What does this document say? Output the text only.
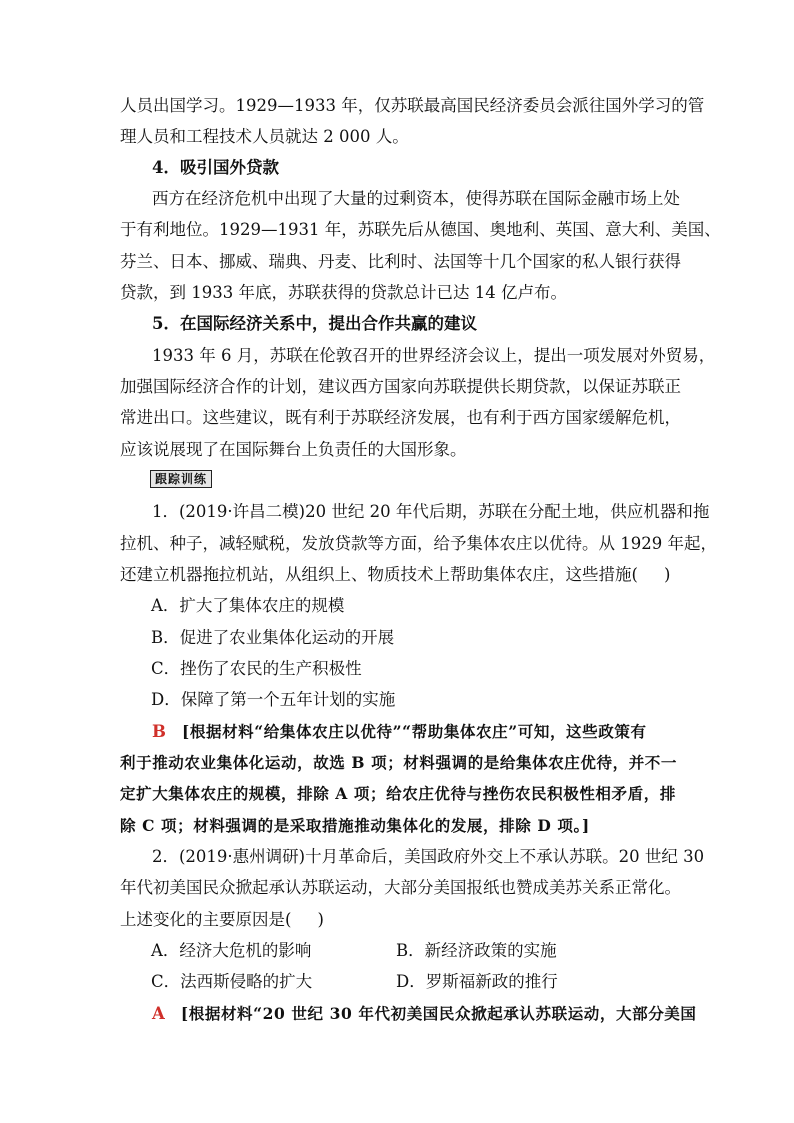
人员出国学习。1929—1933 年，仅苏联最高国民经济委员会派往国外学习的管
理人员和工程技术人员就达 2 000 人。
4．吸引国外贷款
西方在经济危机中出现了大量的过剩资本，使得苏联在国际金融市场上处
于有利地位。1929—1931 年，苏联先后从德国、奥地利、英国、意大利、美国、
芬兰、日本、挪威、瑞典、丹麦、比利时、法国等十几个国家的私人银行获得
贷款，到 1933 年底，苏联获得的贷款总计已达 14 亿卢布。
5．在国际经济关系中，提出合作共赢的建议
1933 年 6 月，苏联在伦敦召开的世界经济会议上，提出一项发展对外贸易，
加强国际经济合作的计划，建议西方国家向苏联提供长期贷款，以保证苏联正
常进出口。这些建议，既有利于苏联经济发展，也有利于西方国家缓解危机，
应该说展现了在国际舞台上负责任的大国形象。
跟踪训练
1．(2019·许昌二模)20 世纪 20 年代后期，苏联在分配土地，供应机器和拖
拉机、种子，减轻赋税，发放贷款等方面，给予集体农庄以优待。从 1929 年起，
还建立机器拖拉机站，从组织上、物质技术上帮助集体农庄，这些措施( )
A．扩大了集体农庄的规模
B．促进了农业集体化运动的开展
C．挫伤了农民的生产积极性
D．保障了第一个五年计划的实施
B [根据材料“给集体农庄以优待”“帮助集体农庄”可知，这些政策有
利于推动农业集体化运动，故选 B 项；材料强调的是给集体农庄优待，并不一
定扩大集体农庄的规模，排除 A 项；给农庄优待与挫伤农民积极性相矛盾，排
除 C 项；材料强调的是采取措施推动集体化的发展，排除 D 项。]
2．(2019·惠州调研)十月革命后，美国政府外交上不承认苏联。20 世纪 30
年代初美国民众掀起承认苏联运动，大部分美国报纸也赞成美苏关系正常化。
上述变化的主要原因是( )
A．经济大危机的影响	B．新经济政策的实施
C．法西斯侵略的扩大	D．罗斯福新政的推行
A [根据材料“20 世纪 30 年代初美国民众掀起承认苏联运动，大部分美国
